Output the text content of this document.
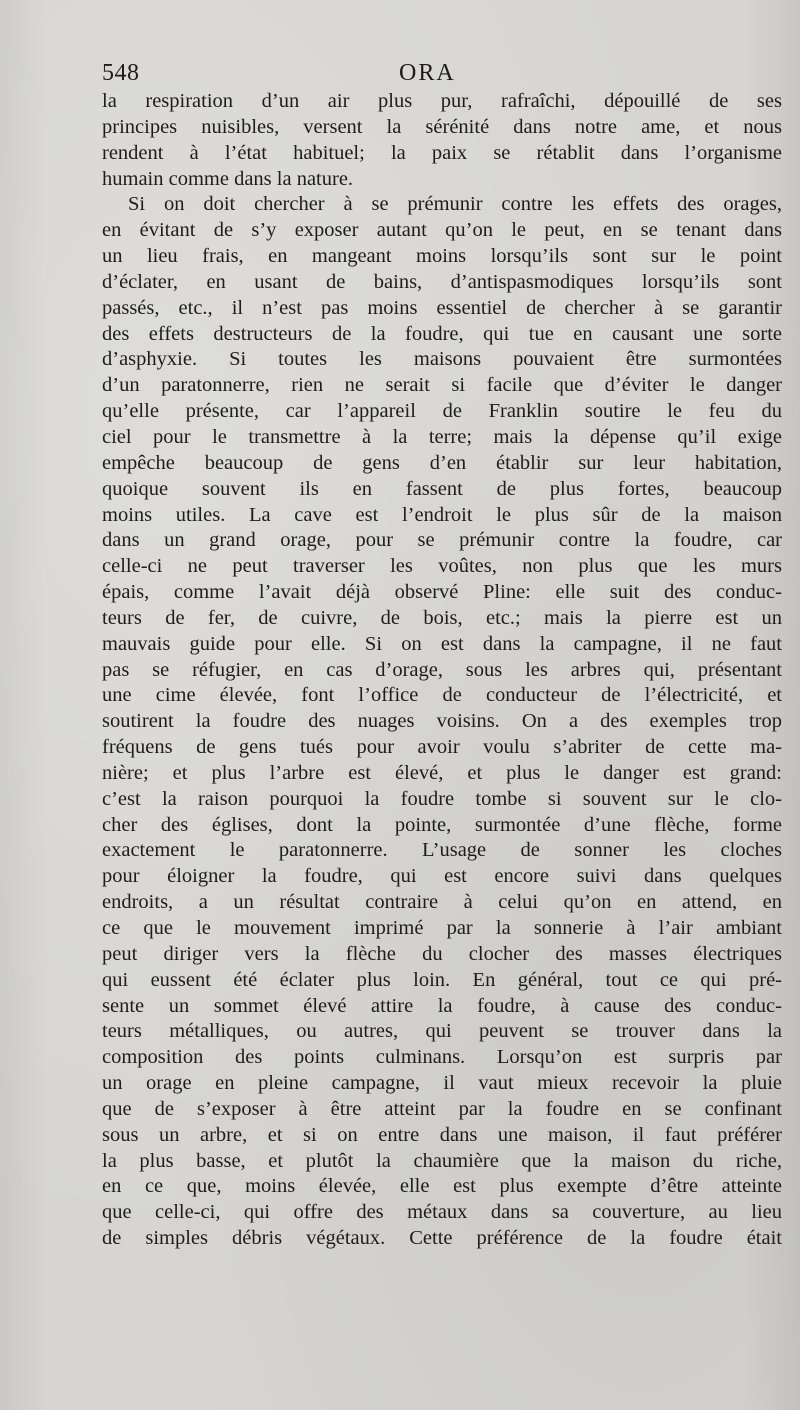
548	ORA
la respiration d’un air plus pur, rafraîchi, dépouillé de ses
principes nuisibles, versent la sérénité dans notre ame, et nous
rendent à l’état habituel; la paix se rétablit dans l’organisme
humain comme dans la nature.
Si on doit chercher à se prémunir contre les effets des orages,
en évitant de s’y exposer autant qu’on le peut, en se tenant dans
un lieu frais, en mangeant moins lorsqu’ils sont sur le point
d’éclater, en usant de bains, d’antispasmodiques lorsqu’ils sont
passés, etc., il n’est pas moins essentiel de chercher à se garantir
des effets destructeurs de la foudre, qui tue en causant une sorte
d’asphyxie. Si toutes les maisons pouvaient être surmontées
d’un paratonnerre, rien ne serait si facile que d’éviter le danger
qu’elle présente, car l’appareil de Franklin soutire le feu du
ciel pour le transmettre à la terre; mais la dépense qu’il exige
empêche beaucoup de gens d’en établir sur leur habitation,
quoique souvent ils en fassent de plus fortes, beaucoup
moins utiles. La cave est l’endroit le plus sûr de la maison
dans un grand orage, pour se prémunir contre la foudre, car
celle-ci ne peut traverser les voûtes, non plus que les murs
épais, comme l’avait déjà observé Pline: elle suit des conduc-
teurs de fer, de cuivre, de bois, etc.; mais la pierre est un
mauvais guide pour elle. Si on est dans la campagne, il ne faut
pas se réfugier, en cas d’orage, sous les arbres qui, présentant
une cime élevée, font l’office de conducteur de l’électricité, et
soutirent la foudre des nuages voisins. On a des exemples trop
fréquens de gens tués pour avoir voulu s’abriter de cette ma-
nière; et plus l’arbre est élevé, et plus le danger est grand:
c’est la raison pourquoi la foudre tombe si souvent sur le clo-
cher des églises, dont la pointe, surmontée d’une flèche, forme
exactement le paratonnerre. L’usage de sonner les cloches
pour éloigner la foudre, qui est encore suivi dans quelques
endroits, a un résultat contraire à celui qu’on en attend, en
ce que le mouvement imprimé par la sonnerie à l’air ambiant
peut diriger vers la flèche du clocher des masses électriques
qui eussent été éclater plus loin. En général, tout ce qui pré-
sente un sommet élevé attire la foudre, à cause des conduc-
teurs métalliques, ou autres, qui peuvent se trouver dans la
composition des points culminans. Lorsqu’on est surpris par
un orage en pleine campagne, il vaut mieux recevoir la pluie
que de s’exposer à être atteint par la foudre en se confinant
sous un arbre, et si on entre dans une maison, il faut préférer
la plus basse, et plutôt la chaumière que la maison du riche,
en ce que, moins élevée, elle est plus exempte d’être atteinte
que celle-ci, qui offre des métaux dans sa couverture, au lieu
de simples débris végétaux. Cette préférence de la foudre était
